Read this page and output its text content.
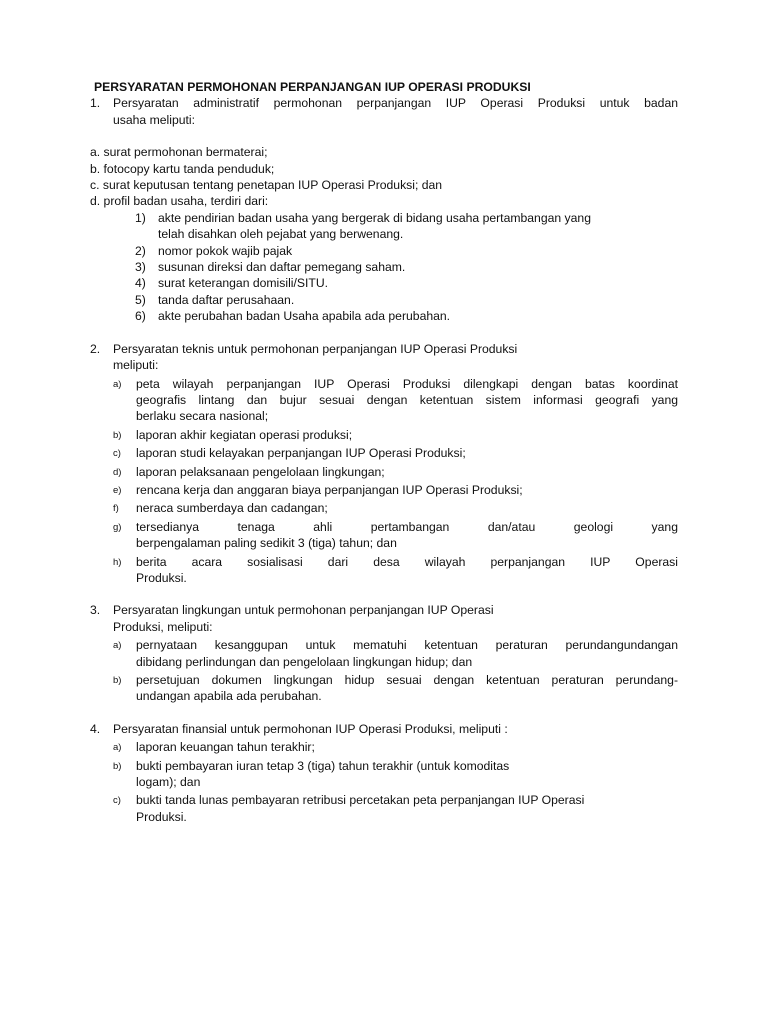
PERSYARATAN PERMOHONAN PERPANJANGAN IUP OPERASI PRODUKSI
1. Persyaratan administratif permohonan perpanjangan IUP Operasi Produksi untuk badan
usaha meliputi:
a. surat permohonan bermaterai;
b. fotocopy kartu tanda penduduk;
c. surat keputusan tentang penetapan IUP Operasi Produksi; dan
d. profil badan usaha, terdiri dari:
1) akte pendirian badan usaha yang bergerak di bidang usaha pertambangan yang
telah disahkan oleh pejabat yang berwenang.
2) nomor pokok wajib pajak
3) susunan direksi dan daftar pemegang saham.
4) surat keterangan domisili/SITU.
5) tanda daftar perusahaan.
6) akte perubahan badan Usaha apabila ada perubahan.
2. Persyaratan teknis untuk permohonan perpanjangan IUP Operasi Produksi
meliputi:
a) peta wilayah perpanjangan IUP Operasi Produksi dilengkapi dengan batas koordinat
geografis lintang dan bujur sesuai dengan ketentuan sistem informasi geografi yang
berlaku secara nasional;
b) laporan akhir kegiatan operasi produksi;
c) laporan studi kelayakan perpanjangan IUP Operasi Produksi;
d) laporan pelaksanaan pengelolaan lingkungan;
e) rencana kerja dan anggaran biaya perpanjangan IUP Operasi Produksi;
f) neraca sumberdaya dan cadangan;
g) tersedianya tenaga ahli pertambangan dan/atau geologi yang
berpengalaman paling sedikit 3 (tiga) tahun; dan
h) berita acara sosialisasi dari desa wilayah perpanjangan IUP Operasi
Produksi.
3. Persyaratan lingkungan untuk permohonan perpanjangan IUP Operasi
Produksi, meliputi:
a) pernyataan kesanggupan untuk mematuhi ketentuan peraturan perundangundangan
dibidang perlindungan dan pengelolaan lingkungan hidup; dan
b) persetujuan dokumen lingkungan hidup sesuai dengan ketentuan peraturan perundang-
undangan apabila ada perubahan.
4. Persyaratan finansial untuk permohonan IUP Operasi Produksi, meliputi :
a) laporan keuangan tahun terakhir;
b) bukti pembayaran iuran tetap 3 (tiga) tahun terakhir (untuk komoditas
logam); dan
c) bukti tanda lunas pembayaran retribusi percetakan peta perpanjangan IUP Operasi
Produksi.
